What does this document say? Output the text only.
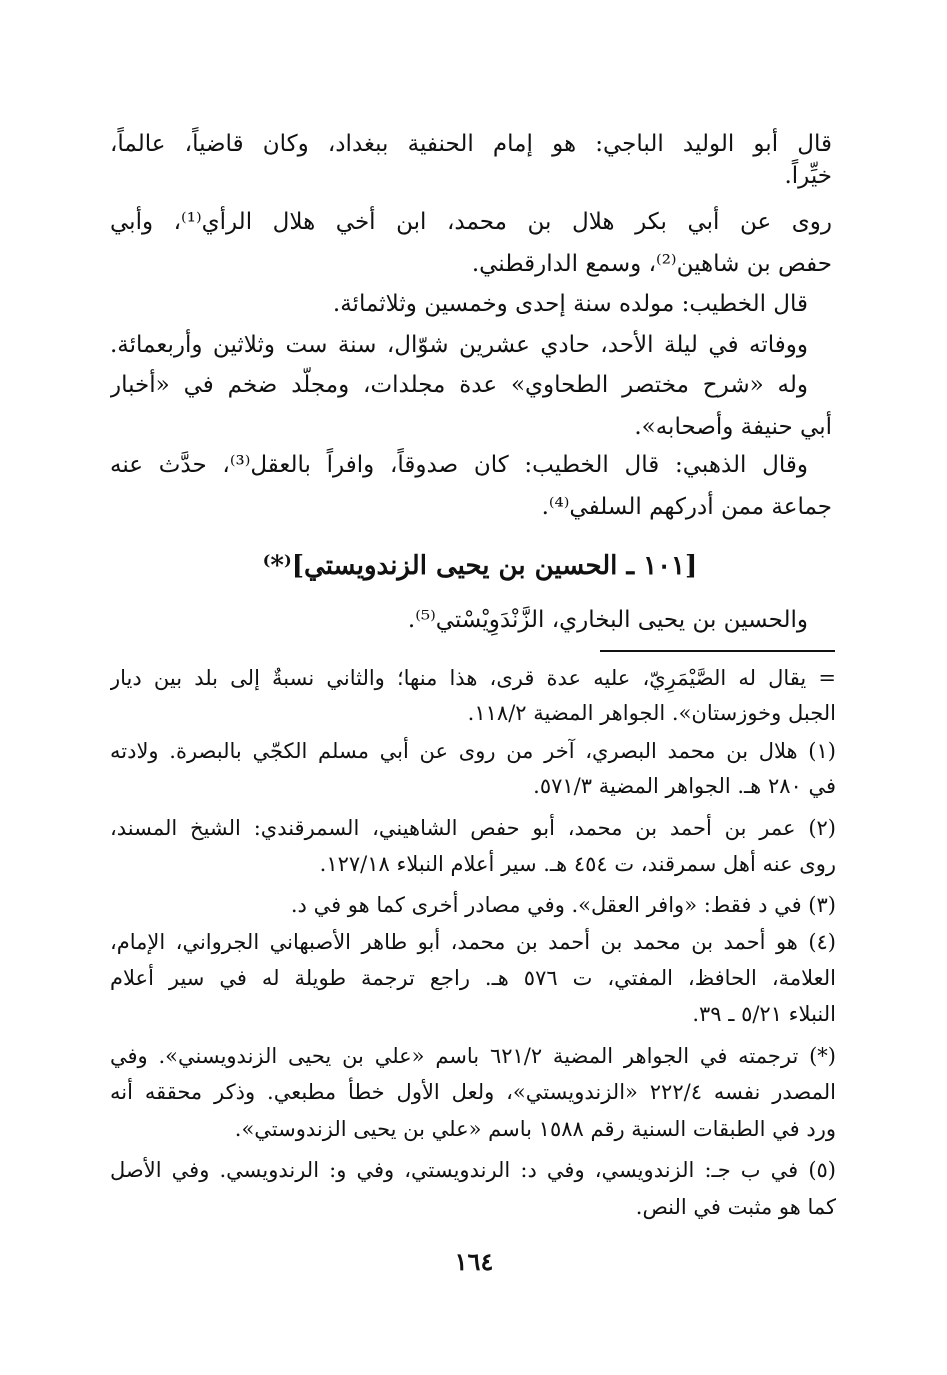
قال أبو الوليد الباجي: هو إمام الحنفية ببغداد، وكان قاضياً، عالماً،
خيِّراً.
روى عن أبي بكر هلال بن محمد، ابن أخي هلال الرأي⁽¹⁾، وأبي
حفص بن شاهين⁽²⁾، وسمع الدارقطني.
قال الخطيب: مولده سنة إحدى وخمسين وثلاثمائة.
ووفاته في ليلة الأحد، حادي عشرين شوّال، سنة ست وثلاثين وأربعمائة.
وله «شرح مختصر الطحاوي» عدة مجلدات، ومجلّد ضخم في «أخبار
أبي حنيفة وأصحابه».
وقال الذهبي: قال الخطيب: كان صدوقاً، وافراً بالعقل⁽³⁾، حدَّث عنه
جماعة ممن أدركهم السلفي⁽⁴⁾.
[١٠١ ـ الحسين بن يحيى الزندويستي]⁽*⁾
والحسين بن يحيى البخاري، الزَّنْدَوِيْسْتي⁽⁵⁾.
= يقال له الصَّيْمَرِيّ، عليه عدة قرى، هذا منها؛ والثاني نسبةٌ إلى بلد بين ديار
الجبل وخوزستان». الجواهر المضية ١١٨/٢.
(١) هلال بن محمد البصري، آخر من روى عن أبي مسلم الكجّي بالبصرة. ولادته
في ٢٨٠ هـ. الجواهر المضية ٥٧١/٣.
(٢) عمر بن أحمد بن محمد، أبو حفص الشاهيني، السمرقندي: الشيخ المسند،
روى عنه أهل سمرقند، ت ٤٥٤ هـ. سير أعلام النبلاء ١٢٧/١٨.
(٣) في د فقط: «وافر العقل». وفي مصادر أخرى كما هو في د.
(٤) هو أحمد بن محمد بن أحمد بن محمد، أبو طاهر الأصبهاني الجرواني، الإمام،
العلامة، الحافظ، المفتي، ت ٥٧٦ هـ. راجع ترجمة طويلة له في سير أعلام
النبلاء ٥/٢١ ـ ٣٩.
(*) ترجمته في الجواهر المضية ٦٢١/٢ باسم «علي بن يحيى الزندويسني». وفي
المصدر نفسه ٢٢٢/٤ «الزندويستي»، ولعل الأول خطأ مطبعي. وذكر محققه أنه
ورد في الطبقات السنية رقم ١٥٨٨ باسم «علي بن يحيى الزندوستي».
(٥) في ب جـ: الزندويسي، وفي د: الرندويستي، وفي و: الرندويسي. وفي الأصل
كما هو مثبت في النص.
١٦٤
